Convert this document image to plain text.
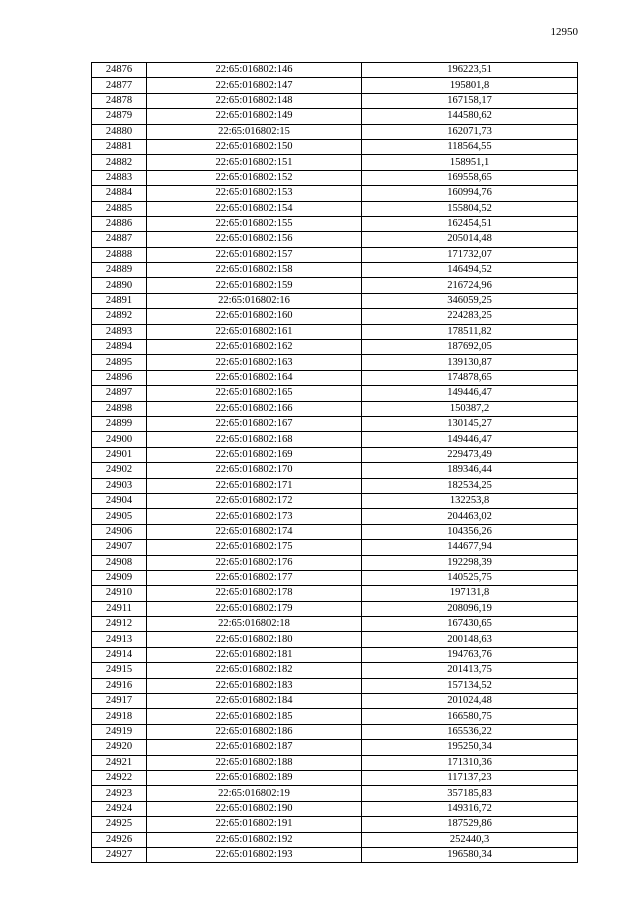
12950
24876	22:65:016802:146	196223,51
24877	22:65:016802:147	195801,8
24878	22:65:016802:148	167158,17
24879	22:65:016802:149	144580,62
24880	22:65:016802:15	162071,73
24881	22:65:016802:150	118564,55
24882	22:65:016802:151	158951,1
24883	22:65:016802:152	169558,65
24884	22:65:016802:153	160994,76
24885	22:65:016802:154	155804,52
24886	22:65:016802:155	162454,51
24887	22:65:016802:156	205014,48
24888	22:65:016802:157	171732,07
24889	22:65:016802:158	146494,52
24890	22:65:016802:159	216724,96
24891	22:65:016802:16	346059,25
24892	22:65:016802:160	224283,25
24893	22:65:016802:161	178511,82
24894	22:65:016802:162	187692,05
24895	22:65:016802:163	139130,87
24896	22:65:016802:164	174878,65
24897	22:65:016802:165	149446,47
24898	22:65:016802:166	150387,2
24899	22:65:016802:167	130145,27
24900	22:65:016802:168	149446,47
24901	22:65:016802:169	229473,49
24902	22:65:016802:170	189346,44
24903	22:65:016802:171	182534,25
24904	22:65:016802:172	132253,8
24905	22:65:016802:173	204463,02
24906	22:65:016802:174	104356,26
24907	22:65:016802:175	144677,94
24908	22:65:016802:176	192298,39
24909	22:65:016802:177	140525,75
24910	22:65:016802:178	197131,8
24911	22:65:016802:179	208096,19
24912	22:65:016802:18	167430,65
24913	22:65:016802:180	200148,63
24914	22:65:016802:181	194763,76
24915	22:65:016802:182	201413,75
24916	22:65:016802:183	157134,52
24917	22:65:016802:184	201024,48
24918	22:65:016802:185	166580,75
24919	22:65:016802:186	165536,22
24920	22:65:016802:187	195250,34
24921	22:65:016802:188	171310,36
24922	22:65:016802:189	117137,23
24923	22:65:016802:19	357185,83
24924	22:65:016802:190	149316,72
24925	22:65:016802:191	187529,86
24926	22:65:016802:192	252440,3
24927	22:65:016802:193	196580,34
